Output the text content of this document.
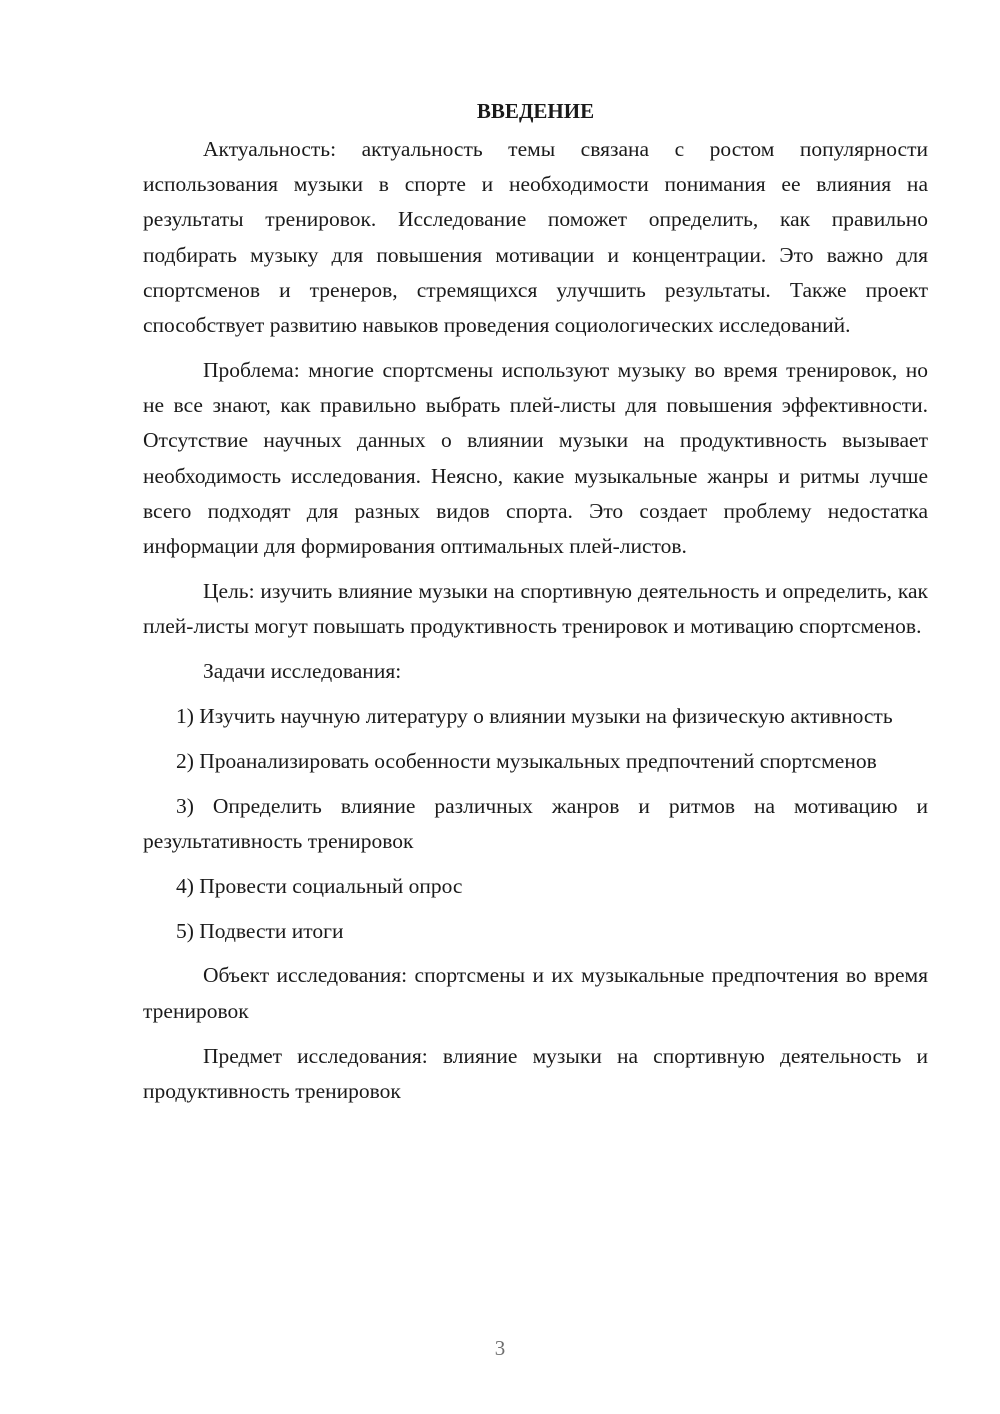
ВВЕДЕНИЕ

Актуальность: актуальность темы связана с ростом популярности использования музыки в спорте и необходимости понимания ее влияния на результаты тренировок. Исследование поможет определить, как правильно подбирать музыку для повышения мотивации и концентрации. Это важно для спортсменов и тренеров, стремящихся улучшить результаты. Также проект способствует развитию навыков проведения социологических исследований.

Проблема: многие спортсмены используют музыку во время тренировок, но не все знают, как правильно выбрать плей-листы для повышения эффективности. Отсутствие научных данных о влиянии музыки на продуктивность вызывает необходимость исследования. Неясно, какие музыкальные жанры и ритмы лучше всего подходят для разных видов спорта. Это создает проблему недостатка информации для формирования оптимальных плей-листов.

Цель: изучить влияние музыки на спортивную деятельность и определить, как плей-листы могут повышать продуктивность тренировок и мотивацию спортсменов.

Задачи исследования:

1) Изучить научную литературу о влиянии музыки на физическую активность

2) Проанализировать особенности музыкальных предпочтений спортсменов

3) Определить влияние различных жанров и ритмов на мотивацию и результативность тренировок

4) Провести социальный опрос

5) Подвести итоги

Объект исследования: спортсмены и их музыкальные предпочтения во время тренировок

Предмет исследования: влияние музыки на спортивную деятельность и продуктивность тренировок

3
